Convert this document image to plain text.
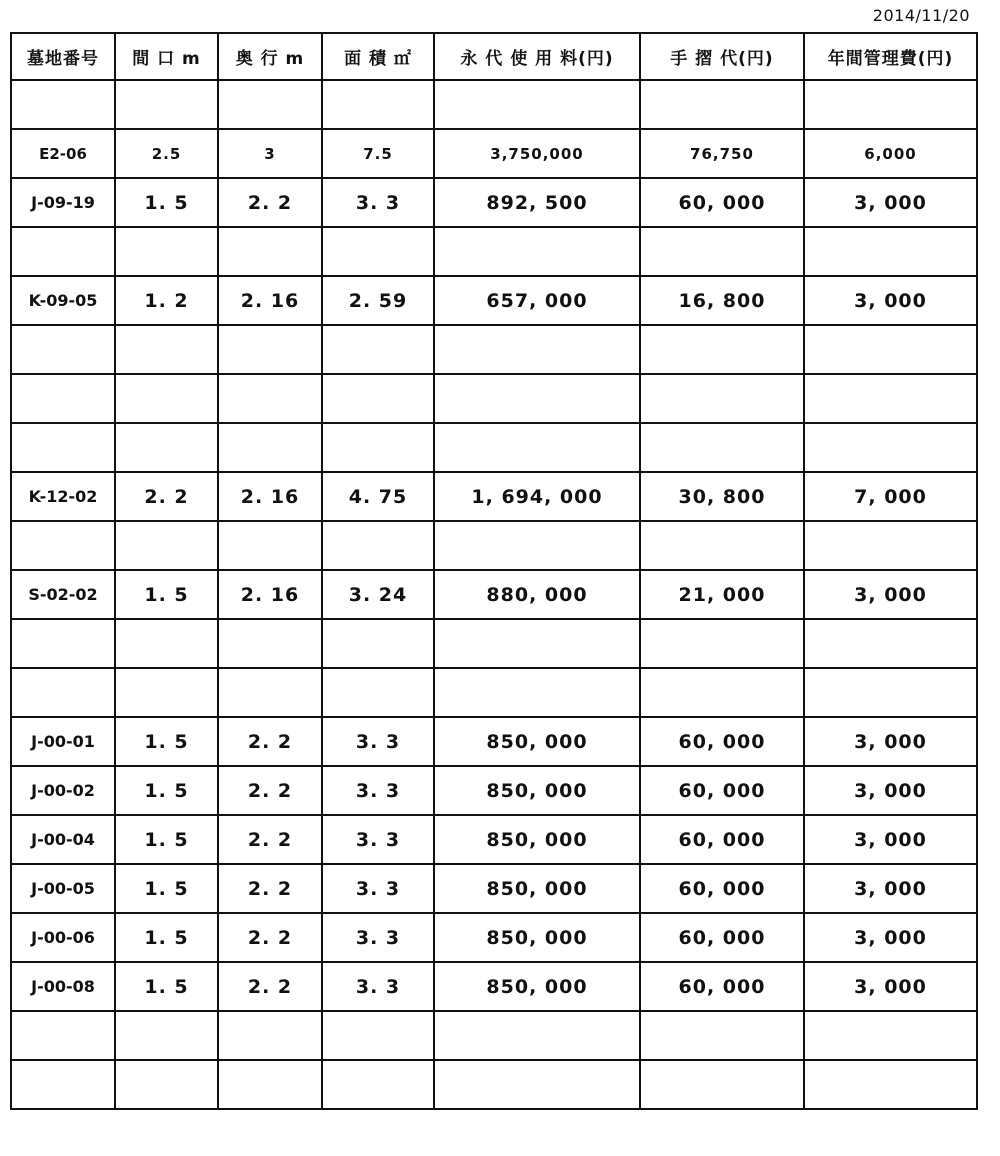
2014/11/20
墓地番号	間 口 m	奥 行 m	面 積 ㎡	永 代 使 用 料(円)	手 摺 代(円)	年間管理費(円)

E2-06	2.5	3	7.5	3,750,000	76,750	6,000
J-09-19	1. 5	2. 2	3. 3	892, 500	60, 000	3, 000

K-09-05	1. 2	2. 16	2. 59	657, 000	16, 800	3, 000

K-12-02	2. 2	2. 16	4. 75	1, 694, 000	30, 800	7, 000

S-02-02	1. 5	2. 16	3. 24	880, 000	21, 000	3, 000

J-00-01	1. 5	2. 2	3. 3	850, 000	60, 000	3, 000
J-00-02	1. 5	2. 2	3. 3	850, 000	60, 000	3, 000
J-00-04	1. 5	2. 2	3. 3	850, 000	60, 000	3, 000
J-00-05	1. 5	2. 2	3. 3	850, 000	60, 000	3, 000
J-00-06	1. 5	2. 2	3. 3	850, 000	60, 000	3, 000
J-00-08	1. 5	2. 2	3. 3	850, 000	60, 000	3, 000
